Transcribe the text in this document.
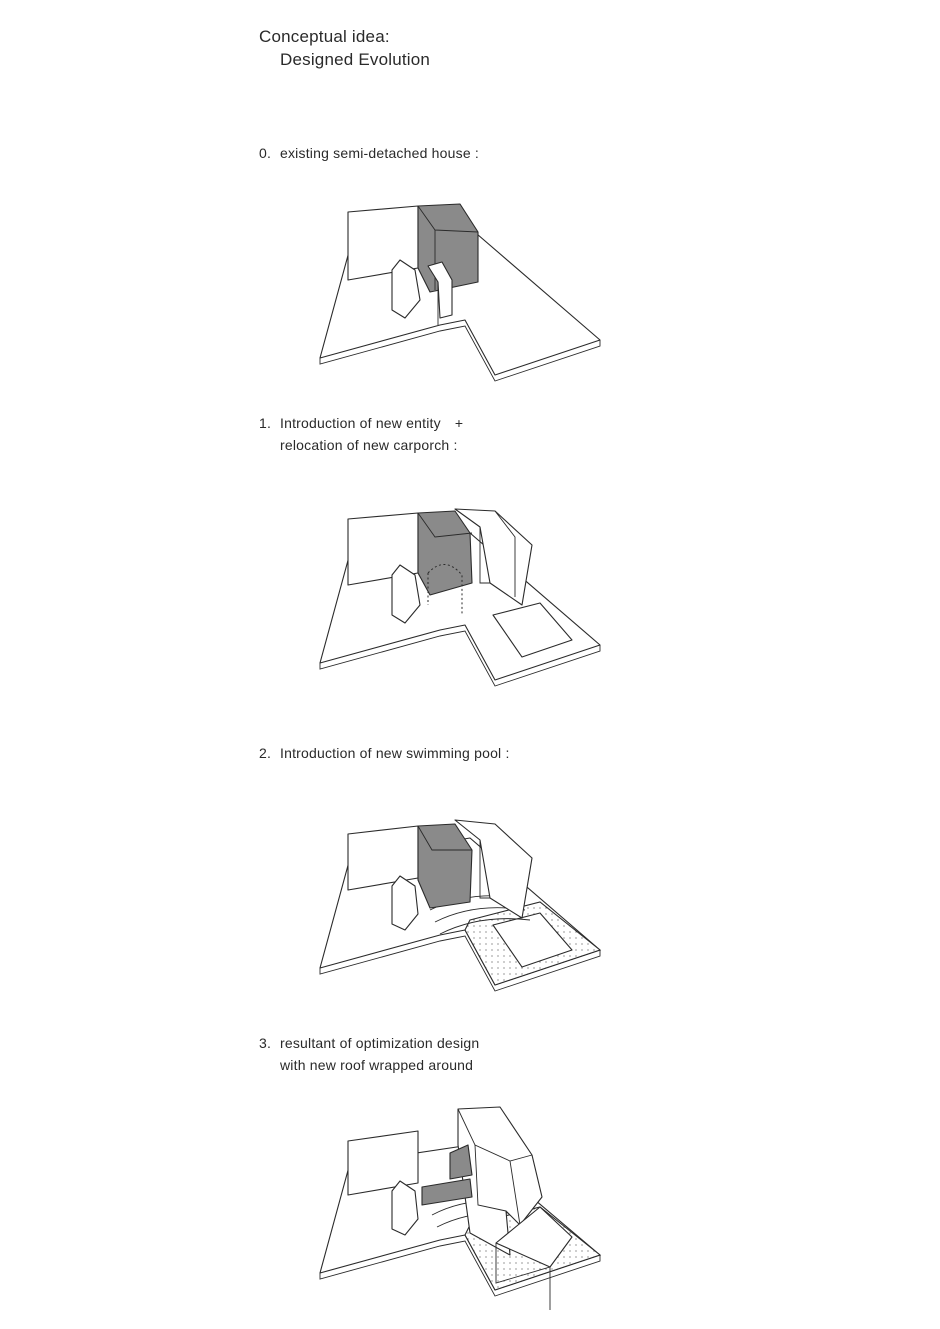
Conceptual idea:
Designed Evolution
0. existing semi-detached house :
1. Introduction of new entity +
relocation of new carporch :
2. Introduction of new swimming pool :
3. resultant of optimization design
with new roof wrapped around
